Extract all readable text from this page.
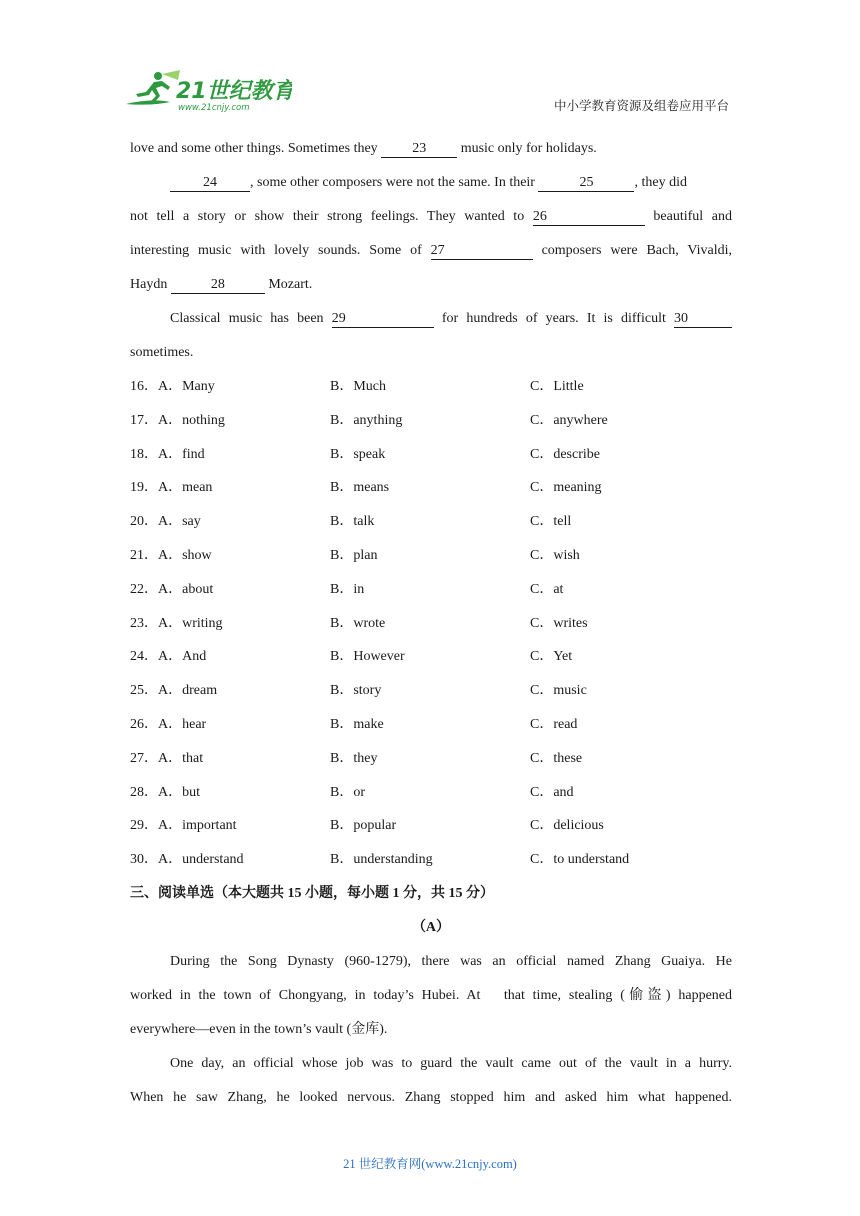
21世纪教育
www.21cnjy.com	中小学教育资源及组卷应用平台
love and some other things. Sometimes they 23 music only for holidays.
24 , some other composers were not the same. In their	25	, they did
not tell a story or show their strong feelings. They wanted to 26	beautiful and
interesting music with lovely sounds. Some of 27	composers were Bach, Vivaldi,
Haydn	28	Mozart.
Classical music has been 29	for hundreds of years. It is difficult 30
sometimes.
16．A．Many	B．Much	C．Little
17．A．nothing	B．anything	C．anywhere
18．A．find	B．speak	C．describe
19．A．mean	B．means	C．meaning
20．A．say	B．talk	C．tell
21．A．show	B．plan	C．wish
22．A．about	B．in	C．at
23．A．writing	B．wrote	C．writes
24．A．And	B．However	C．Yet
25．A．dream	B．story	C．music
26．A．hear	B．make	C．read
27．A．that	B．they	C．these
28．A．but	B．or	C．and
29．A．important	B．popular	C．delicious
30．A．understand	B．understanding	C．to understand
三、阅读单选（本大题共 15 小题，每小题 1 分，共 15 分）
（A）
During the Song Dynasty (960-1279), there was an official named Zhang Guaiya. He
worked in the town of Chongyang, in today’s Hubei. At   that time, stealing (偷盗) happened
everywhere—even in the town’s vault (金库).
One day, an official whose job was to guard the vault came out of the vault in a hurry.
When he saw Zhang, he looked nervous. Zhang stopped him and asked him what happened.
21 世纪教育网(www.21cnjy.com)
